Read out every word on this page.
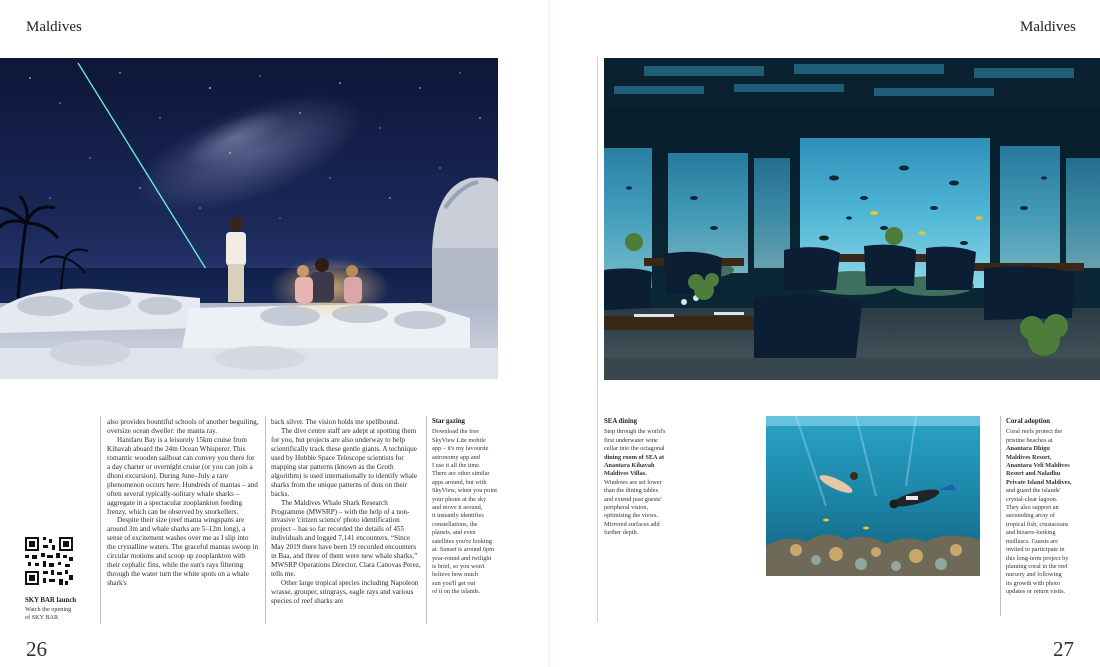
Maldives
SKY BAR launch
Watch the opening
of SKY BAR

also provides bountiful schools of another beguiling, oversize ocean dweller: the manta ray.

Hanifaru Bay is a leisurely 15km cruise from Kihavah aboard the 24m Ocean Whisperer. This romantic wooden sailboat can convey you there for a day charter or overnight cruise (or you can join a dhoni excursion). During June–July a rare phenomenon occurs here. Hundreds of mantas – and often several typically-solitary whale sharks – aggregate in a spectacular zooplankton feeding frenzy, which can be observed by snorkellers.

Despite their size (reef manta wingspans are around 3m and whale sharks are 5–12m long), a sense of excitement washes over me as I slip into the crystalline waters. The graceful mantas swoop in circular motions and scoop up zooplankton with their cephalic fins, while the sun's rays filtering through the water turn the white spots on a whale shark's

back silver. The vision holds me spellbound.

The dive centre staff are adept at spotting them for you, but projects are also underway to help scientifically track these gentle giants. A technique used by Hubble Space Telescope scientists for mapping star patterns (known as the Groth algorithm) is used internationally to identify whale sharks from the unique patterns of dots on their backs.

The Maldives Whale Shark Research Programme (MWSRP) – with the help of a non-invasive 'citizen science' photo identification project – has so far recorded the details of 455 individuals and logged 7,141 encounters. “Since May 2019 there have been 19 recorded encounters in Baa, and three of them were new whale sharks,” MWSRP Operations Director, Clara Canovas Perez, tells me.

Other large tropical species including Napoleon wrasse, grouper, stingrays, eagle rays and various species of reef sharks are

Star gazing
Download the free
SkyView Lite mobile
app – it's my favourite
astronomy app and
I use it all the time.
There are other similar
apps around, but with
SkyView, when you point
your phone at the sky
and move it around,
it instantly identifies
constellations, the
planets, and even
satellites you're looking
at. Sunset is around 6pm
year-round and twilight
is brief, so you won't
believe how much
sun you'll get out
of it on the islands.
26
Maldives
SEA dining
Step through the world's
first underwater wine
cellar into the octagonal
dining room of SEA at
Anantara Kihavah
Maldives Villas.
Windows are set lower
than the dining tables
and extend past guests'
peripheral vision,
optimising the views.
Mirrored surfaces add
further depth.
Coral adoption
Coral reefs protect the
pristine beaches at
Anantara Dhigu
Maldives Resort,
Anantara Veli Maldives
Resort and Naladhu
Private Island Maldives,
and guard the islands'
crystal-clear lagoon.
They also support an
astounding array of
tropical fish, crustaceans
and bizarre-looking
molluscs. Guests are
invited to participate in
this long-term project by
planting coral in the reef
nursery and following
its growth with photo
updates or return visits.
27
